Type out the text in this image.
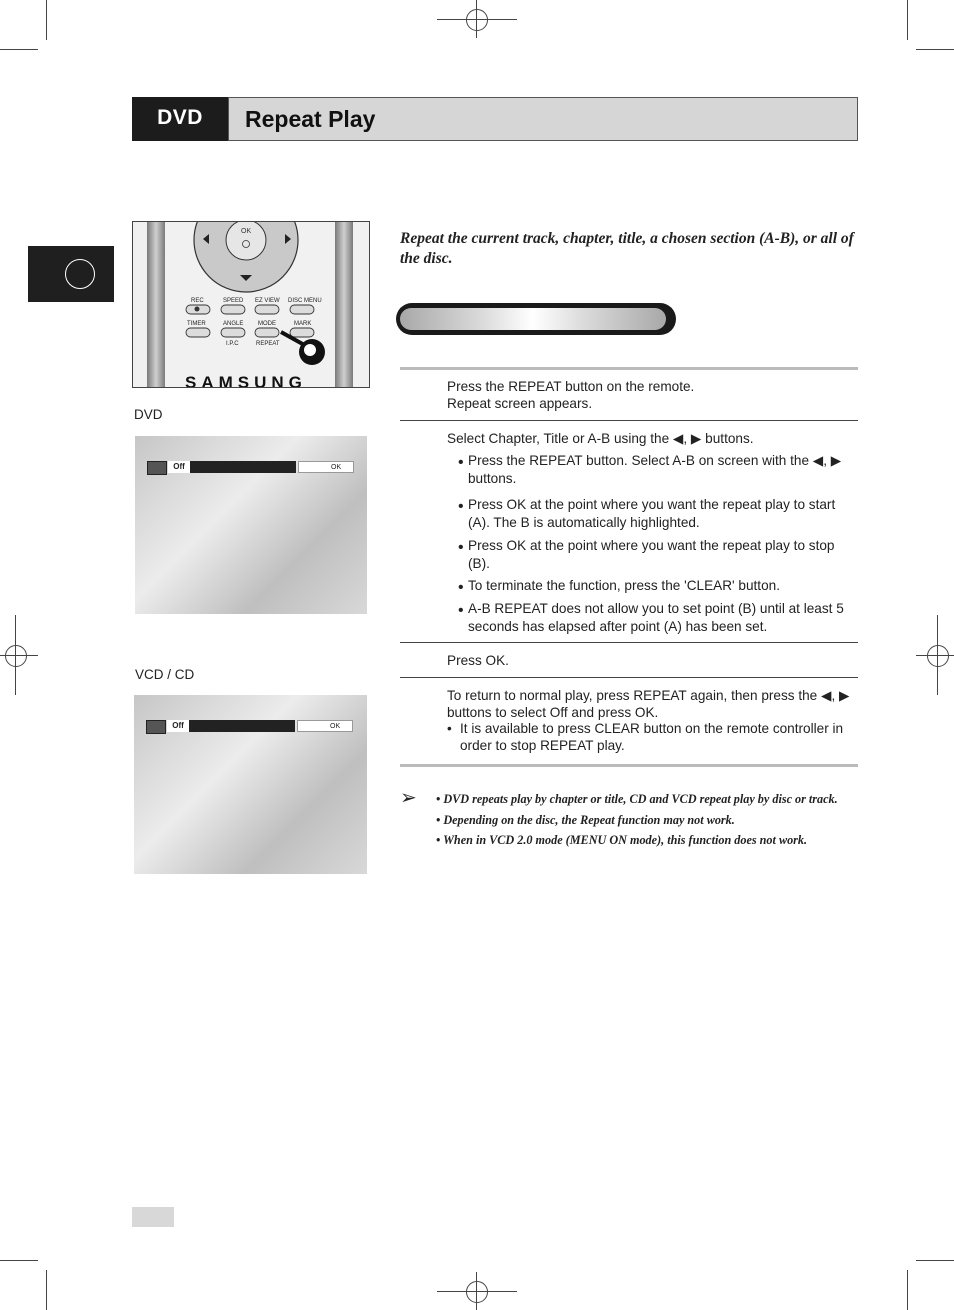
DVD	Repeat Play
OK
REC	SPEED EZ VIEW DISC MENU
TIMER	ANGLE MODE	MARK
I.P.C	REPEAT
SAMSUNG
DVD
Off	OK
VCD / CD
Off	OK
Repeat the current track, chapter, title, a chosen section (A-B), or all of the disc.
Press the REPEAT button on the remote.
Repeat screen appears.
Select Chapter, Title or A-B using the ◀, ▶ buttons.
• Press the REPEAT button. Select A-B on screen with the ◀, ▶ buttons.
• Press OK at the point where you want the repeat play to start (A). The B is automatically highlighted.
• Press OK at the point where you want the repeat play to stop (B).
• To terminate the function, press the 'CLEAR' button.
• A-B REPEAT does not allow you to set point (B) until at least 5 seconds has elapsed after point (A) has been set.
Press OK.
To return to normal play, press REPEAT again, then press the ◀, ▶ buttons to select Off and press OK.
• It is available to press CLEAR button on the remote controller in order to stop REPEAT play.
➢ • DVD repeats play by chapter or title, CD and VCD repeat play by disc or track.
• Depending on the disc, the Repeat function may not work.
• When in VCD 2.0 mode (MENU ON mode), this function does not work.
